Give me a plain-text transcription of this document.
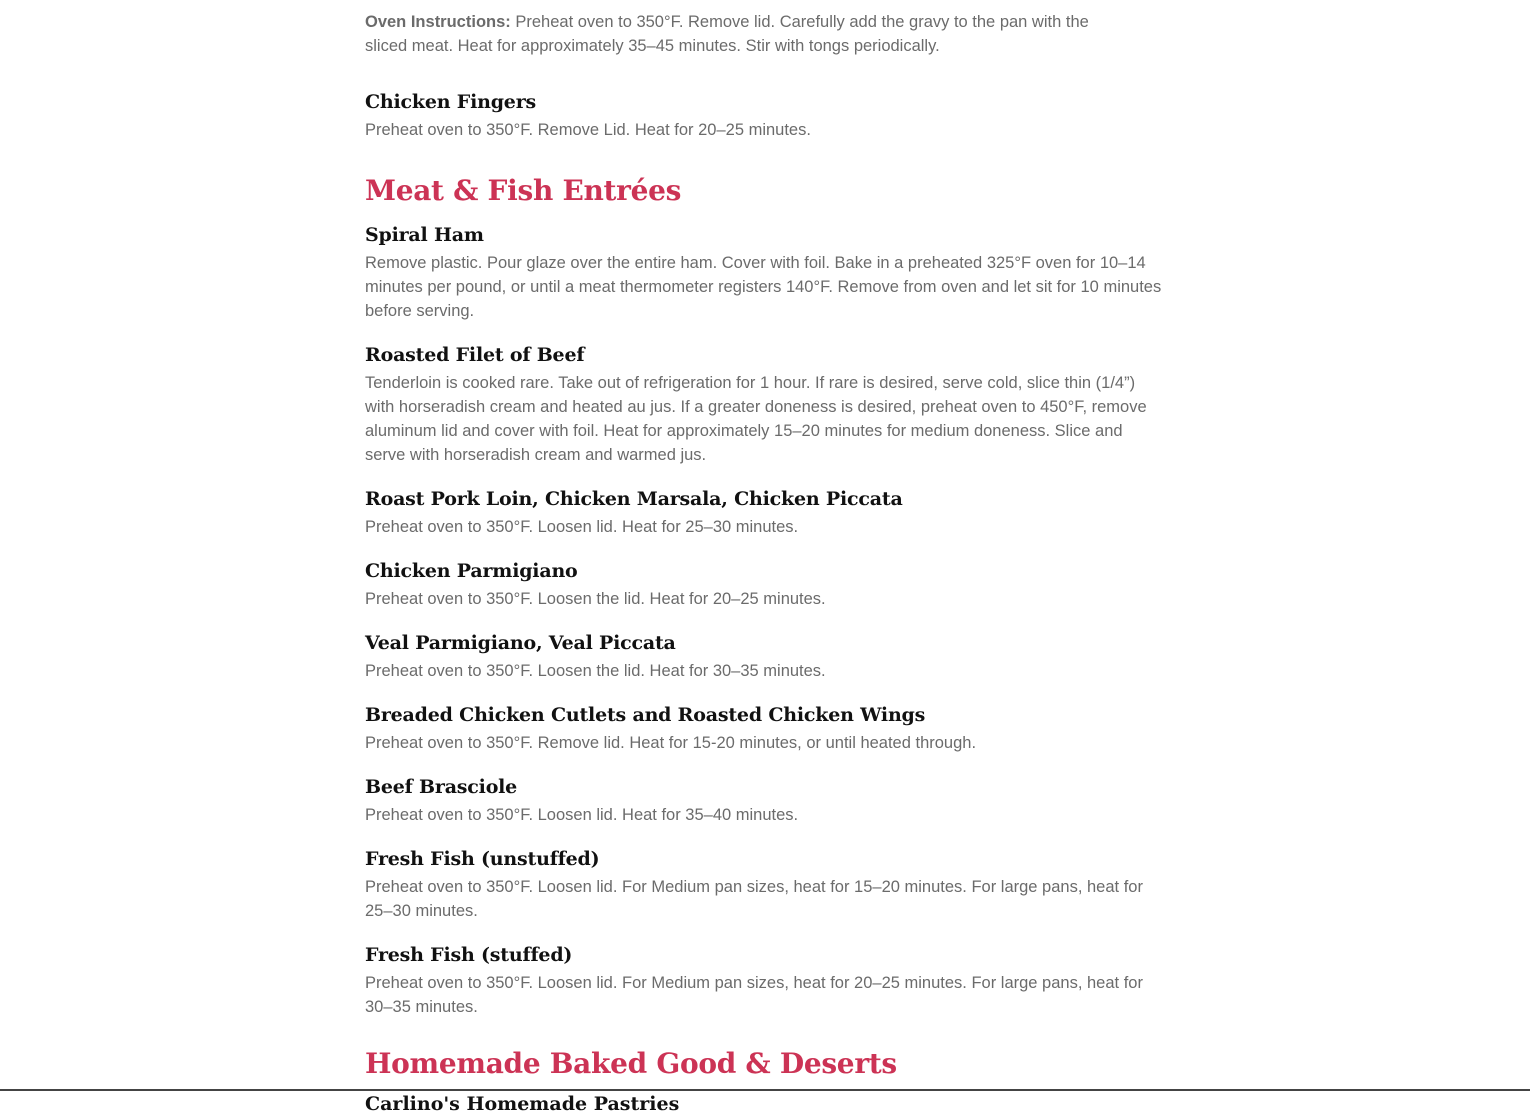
Oven Instructions: Preheat oven to 350°F. Remove lid. Carefully add the gravy to the pan with the sliced meat. Heat for approximately 35–45 minutes. Stir with tongs periodically.

Chicken Fingers

Preheat oven to 350°F. Remove Lid. Heat for 20–25 minutes.

Meat & Fish Entrées
Spiral Ham

Remove plastic. Pour glaze over the entire ham. Cover with foil. Bake in a preheated 325°F oven for 10–14 minutes per pound, or until a meat thermometer registers 140°F. Remove from oven and let sit for 10 minutes before serving.

Roasted Filet of Beef

Tenderloin is cooked rare. Take out of refrigeration for 1 hour. If rare is desired, serve cold, slice thin (1/4”) with horseradish cream and heated au jus. If a greater doneness is desired, preheat oven to 450°F, remove aluminum lid and cover with foil. Heat for approximately 15–20 minutes for medium doneness. Slice and serve with horseradish cream and warmed jus.

Roast Pork Loin, Chicken Marsala, Chicken Piccata

Preheat oven to 350°F. Loosen lid. Heat for 25–30 minutes.

Chicken Parmigiano

Preheat oven to 350°F. Loosen the lid. Heat for 20–25 minutes.

Veal Parmigiano, Veal Piccata

Preheat oven to 350°F. Loosen the lid. Heat for 30–35 minutes.

Breaded Chicken Cutlets and Roasted Chicken Wings

Preheat oven to 350°F. Remove lid. Heat for 15-20 minutes, or until heated through.

Beef Brasciole

Preheat oven to 350°F. Loosen lid. Heat for 35–40 minutes.

Fresh Fish (unstuffed)

Preheat oven to 350°F. Loosen lid. For Medium pan sizes, heat for 15–20 minutes. For large pans, heat for 25–30 minutes.

Fresh Fish (stuffed)

Preheat oven to 350°F. Loosen lid. For Medium pan sizes, heat for 20–25 minutes. For large pans, heat for 30–35 minutes.

Homemade Baked Good & Deserts
Carlino's Homemade Pastries
